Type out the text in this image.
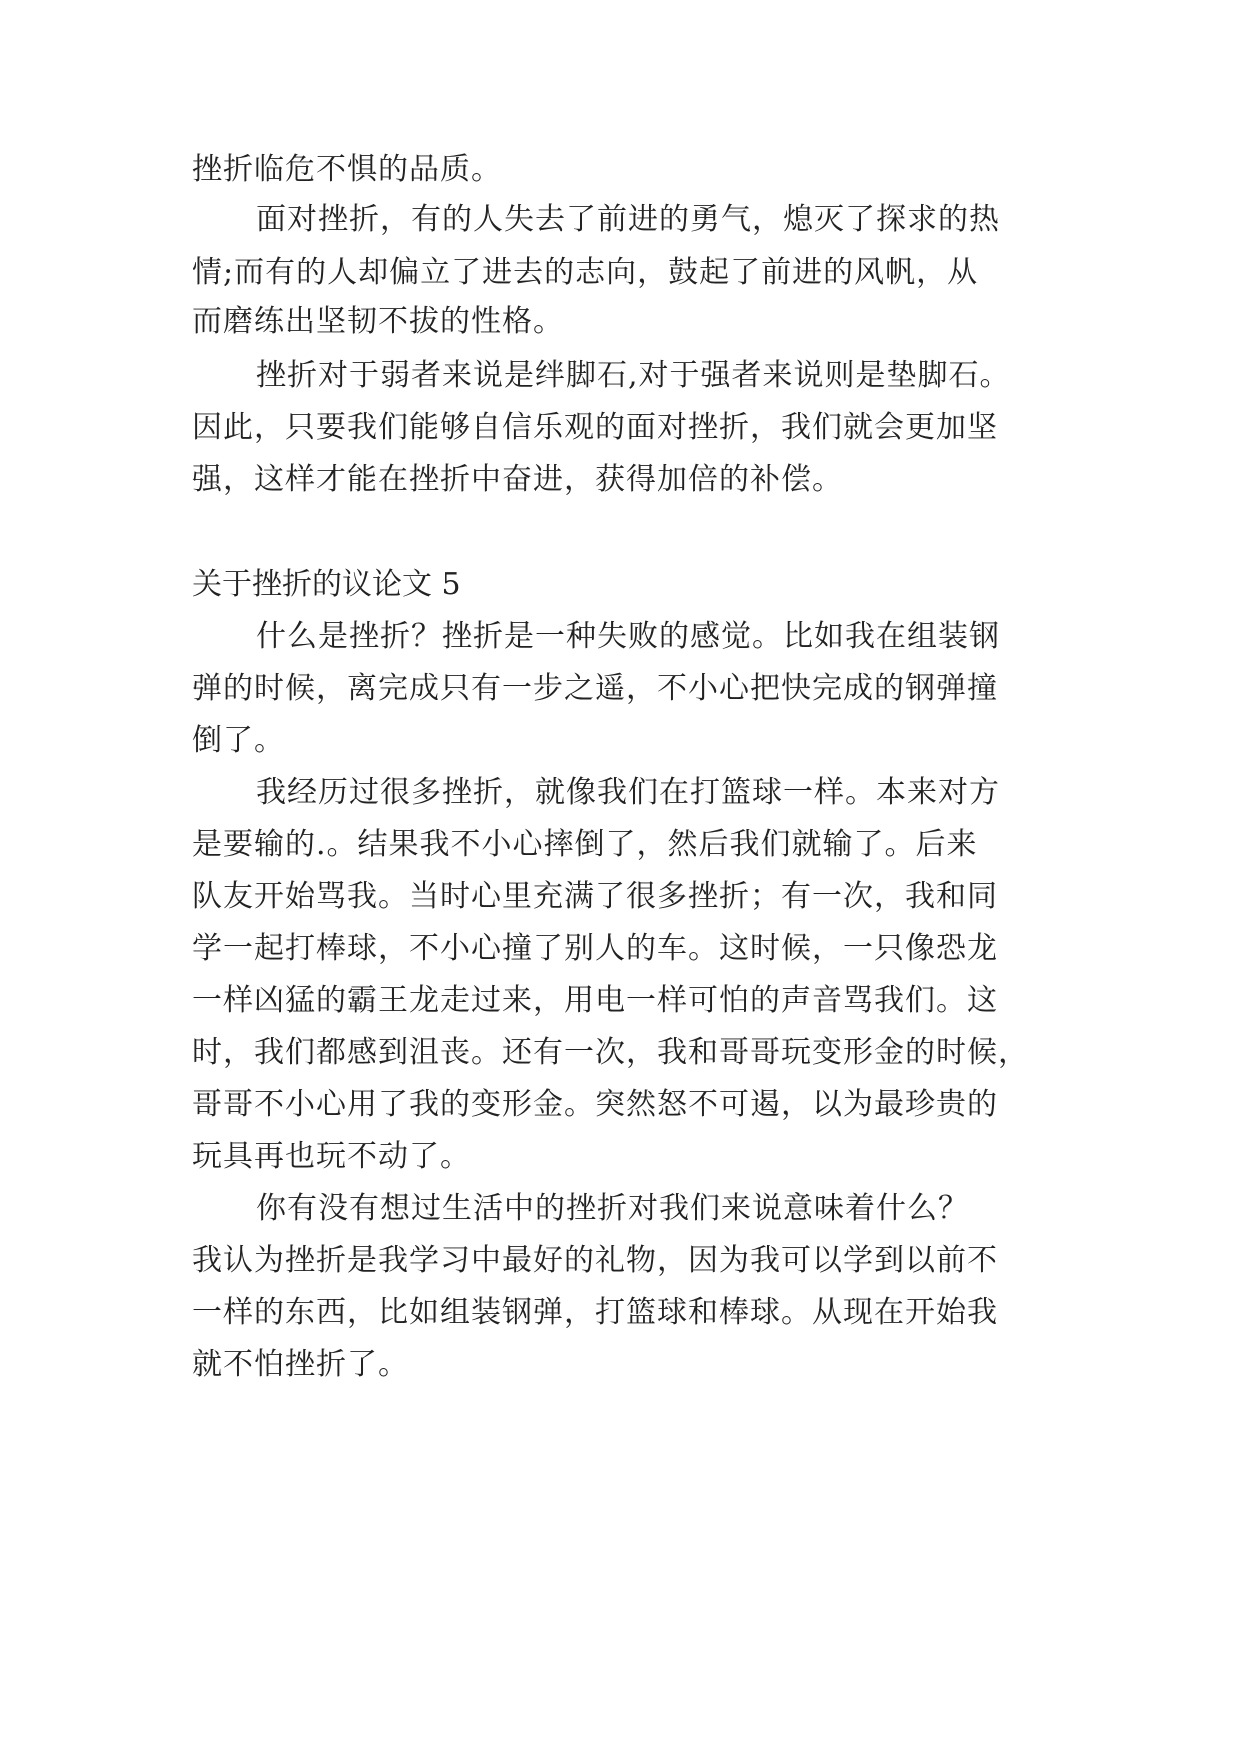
挫折临危不惧的品质。
面对挫折，有的人失去了前进的勇气，熄灭了探求的热
情;而有的人却偏立了进去的志向，鼓起了前进的风帆，从
而磨练出坚韧不拔的性格。
挫折对于弱者来说是绊脚石,对于强者来说则是垫脚石。
因此，只要我们能够自信乐观的面对挫折，我们就会更加坚
强，这样才能在挫折中奋进，获得加倍的补偿。
关于挫折的议论文 5
什么是挫折？挫折是一种失败的感觉。比如我在组装钢
弹的时候，离完成只有一步之遥，不小心把快完成的钢弹撞
倒了。
我经历过很多挫折，就像我们在打篮球一样。本来对方
是要输的.。结果我不小心摔倒了，然后我们就输了。后来
队友开始骂我。当时心里充满了很多挫折；有一次，我和同
学一起打棒球，不小心撞了别人的车。这时候，一只像恐龙
一样凶猛的霸王龙走过来，用电一样可怕的声音骂我们。这
时，我们都感到沮丧。还有一次，我和哥哥玩变形金的时候，
哥哥不小心用了我的变形金。突然怒不可遏，以为最珍贵的
玩具再也玩不动了。
你有没有想过生活中的挫折对我们来说意味着什么？
我认为挫折是我学习中最好的礼物，因为我可以学到以前不
一样的东西，比如组装钢弹，打篮球和棒球。从现在开始我
就不怕挫折了。
